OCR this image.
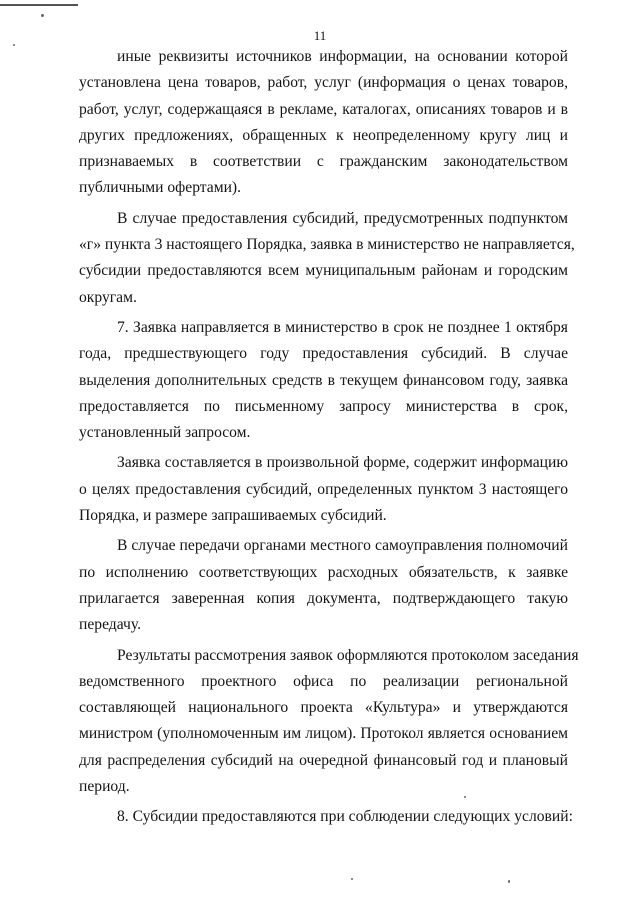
11

иные реквизиты источников информации, на основании которой
установлена цена товаров, работ, услуг (информация о ценах товаров,
работ, услуг, содержащаяся в рекламе, каталогах, описаниях товаров и в
других предложениях, обращенных к неопределенному кругу лиц и
признаваемых в соответствии с гражданским законодательством
публичными офертами).

В случае предоставления субсидий, предусмотренных подпунктом
«г» пункта 3 настоящего Порядка, заявка в министерство не направляется,
субсидии предоставляются всем муниципальным районам и городским
округам.

7. Заявка направляется в министерство в срок не позднее 1 октября
года, предшествующего году предоставления субсидий. В случае
выделения дополнительных средств в текущем финансовом году, заявка
предоставляется по письменному запросу министерства в срок,
установленный запросом.

Заявка составляется в произвольной форме, содержит информацию
о целях предоставления субсидий, определенных пунктом 3 настоящего
Порядка, и размере запрашиваемых субсидий.

В случае передачи органами местного самоуправления полномочий
по исполнению соответствующих расходных обязательств, к заявке
прилагается заверенная копия документа, подтверждающего такую
передачу.

Результаты рассмотрения заявок оформляются протоколом заседания
ведомственного проектного офиса по реализации региональной
составляющей национального проекта «Культура» и утверждаются
министром (уполномоченным им лицом). Протокол является основанием
для распределения субсидий на очередной финансовый год и плановый
период.

8. Субсидии предоставляются при соблюдении следующих условий:
